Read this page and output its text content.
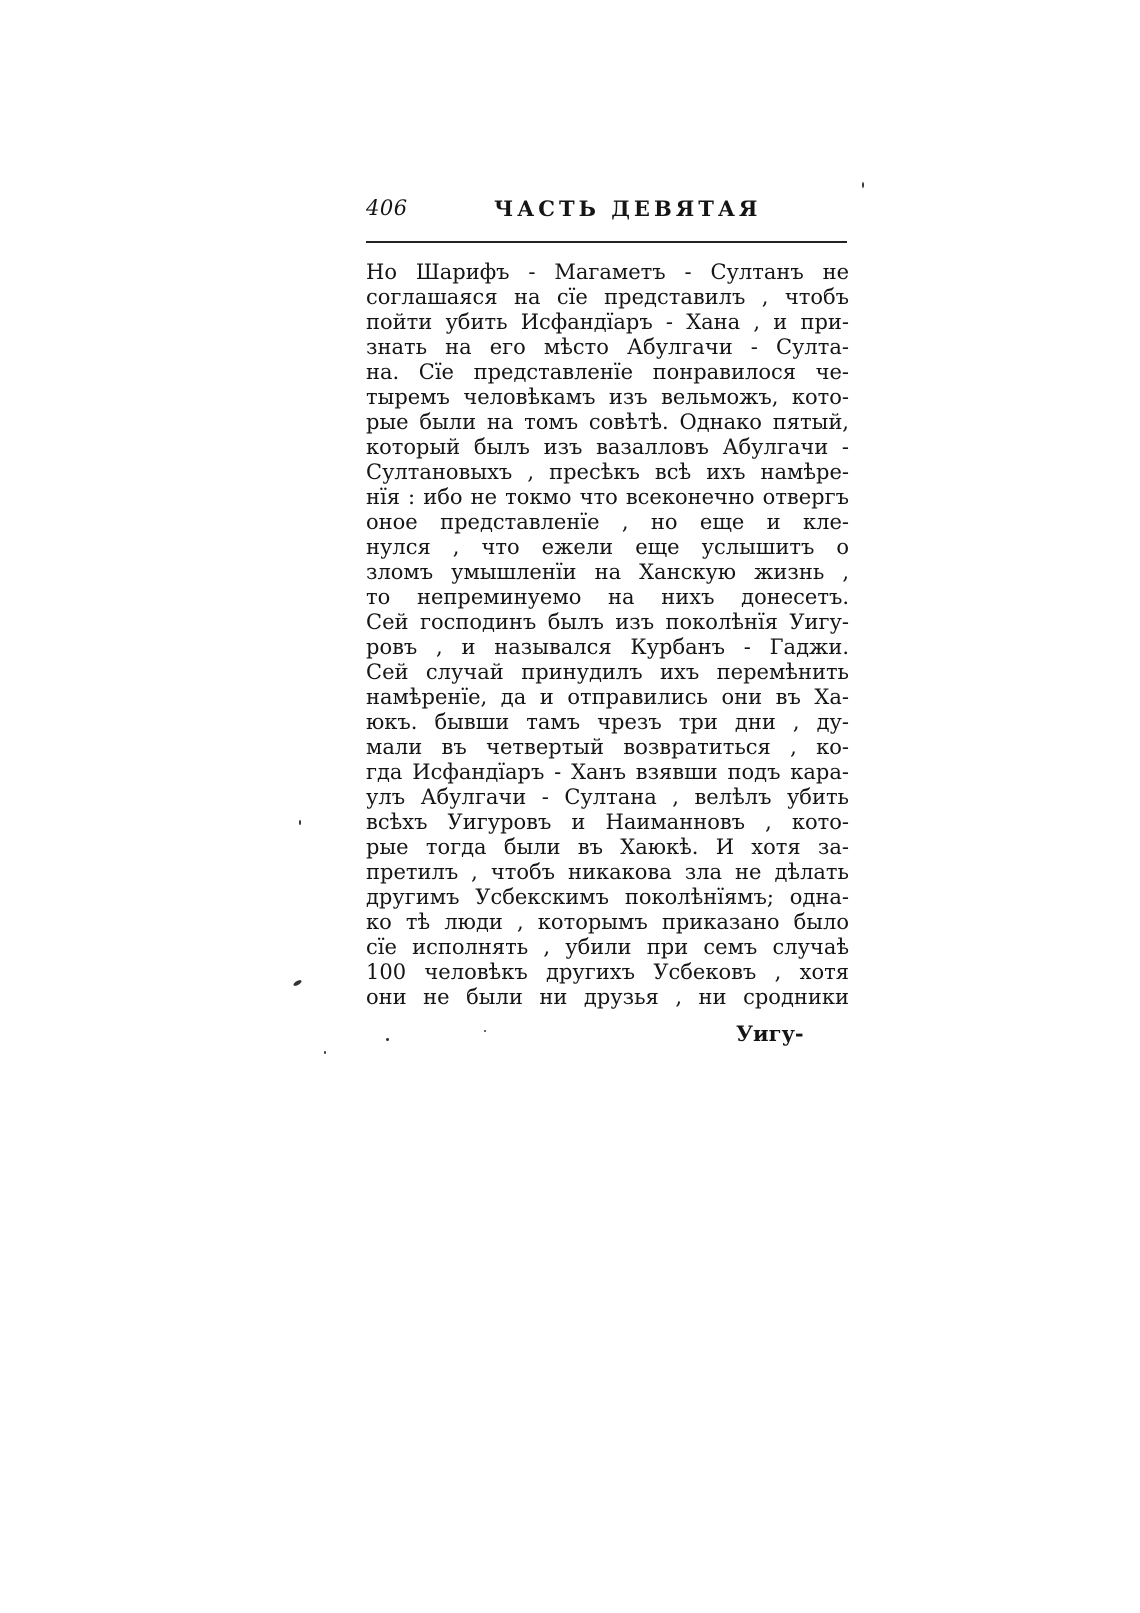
406	ЧАСТЬ ДЕВЯТАЯ
Но Шарифъ - Магаметъ - Султанъ не
соглашаяся на сїе представилъ , чтобъ
пойти убить Исфандїаръ - Хана , и при-
знать на его мѣсто Абулгачи - Султа-
на. Сїе представленїе понравилося че-
тыремъ человѣкамъ изъ вельможъ, кото-
рые были на томъ совѣтѣ. Однако пятый,
который былъ изъ вазалловъ Абулгачи -
Султановыхъ , пресѣкъ всѣ ихъ намѣре-
нїя : ибо не токмо что всеконечно отвергъ
оное представленїе , но еще и кле-
нулся , что ежели еще услышитъ о
зломъ умышленїи на Ханскую жизнь ,
то непреминуемо на нихъ донесетъ.
Сей господинъ былъ изъ поколѣнїя Уигу-
ровъ , и назывался Курбанъ - Гаджи.
Сей случай принудилъ ихъ перемѣнить
намѣренїе, да и отправились они въ Ха-
юкъ. бывши тамъ чрезъ три дни , ду-
мали въ четвертый возвратиться , ко-
гда Исфандїаръ - Ханъ взявши подъ кара-
улъ Абулгачи - Султана , велѣлъ убить
всѣхъ Уигуровъ и Наиманновъ , кото-
рые тогда были въ Хаюкѣ. И хотя за-
претилъ , чтобъ никакова зла не дѣлать
другимъ Усбекскимъ поколѣнїямъ; одна-
ко тѣ люди , которымъ приказано было
сїе исполнять , убили при семъ случаѣ
100 человѣкъ другихъ Усбековъ , хотя
они не были ни друзья , ни сродники
Уигу-
